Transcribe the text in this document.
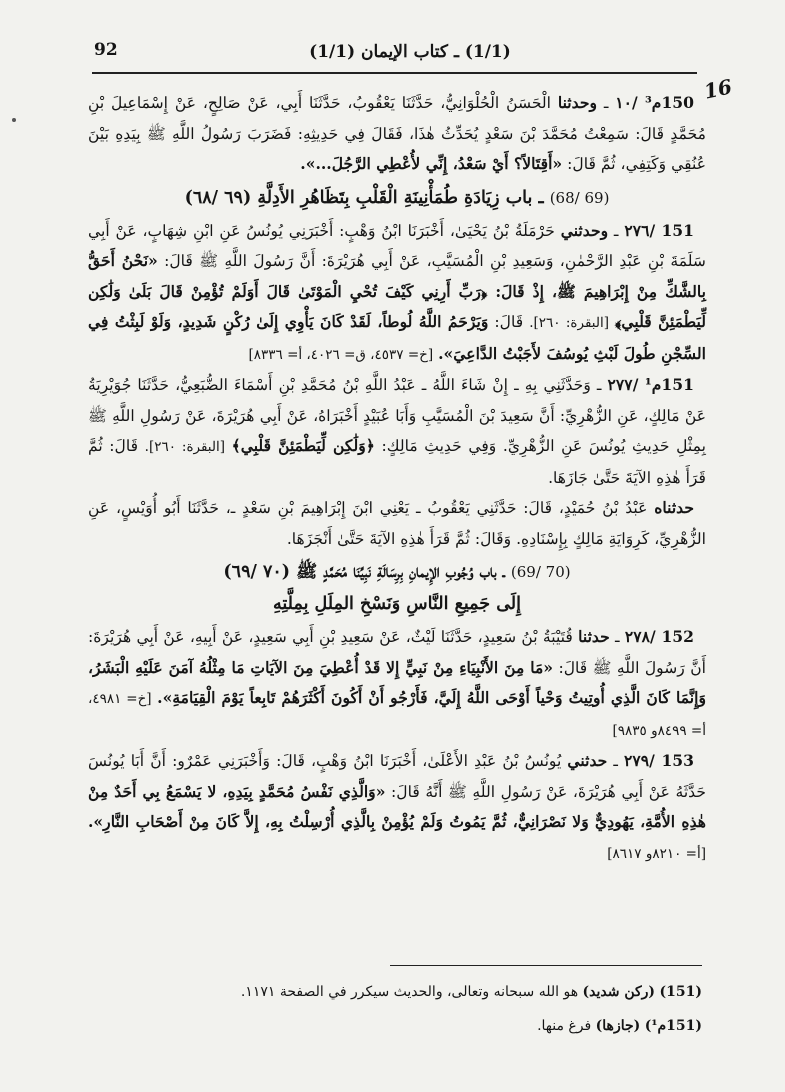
92	(1/1) ـ كتاب الإيمان (1/1)
16

150م³ /١٠ ـ وحدثنا الْحَسَنُ الْحُلْوَانِيُّ، حَدَّثَنَا يَعْقُوبُ، حَدَّثَنَا أَبِي، عَنْ صَالِحٍ، عَنْ إِسْمَاعِيلَ بْنِ مُحَمَّدٍ قَالَ: سَمِعْتُ مُحَمَّدَ بْنَ سَعْدٍ يُحَدِّثُ هٰذَا، فَقَالَ فِي حَدِيثِهِ: فَضَرَبَ رَسُولُ اللَّهِ ﷺ بِيَدِهِ بَيْنَ عُنُقِي وَكَتِفِي، ثُمَّ قَالَ: «أَقِتَالاً؟ أَيْ سَعْدُ، إِنِّي لأُعْطِي الرَّجُلَ...».

(69 /68) ـ باب زِيَادَةِ طُمَأْنِينَةِ الْقَلْبِ بِتَظَاهُرِ الأَدِلَّةِ (٦٩ /٦٨)

151 /٢٧٦ ـ وحدثني حَرْمَلَةُ بْنُ يَحْيَىٰ، أَخْبَرَنَا ابْنُ وَهْبٍ: أَخْبَرَنِي يُونُسُ عَنِ ابْنِ شِهَابٍ، عَنْ أَبِي سَلَمَةَ بْنِ عَبْدِ الرَّحْمٰنِ، وَسَعِيدِ بْنِ الْمُسَيَّبِ، عَنْ أَبِي هُرَيْرَةَ: أَنَّ رَسُولَ اللَّهِ ﷺ قَالَ: «نَحْنُ أَحَقُّ بِالشَّكِّ مِنْ إِبْرَاهِيمَ ﷺ، إِذْ قَالَ: ﴿رَبِّ أَرِنِي كَيْفَ تُحْيِ الْمَوْتَىٰ قَالَ أَوَلَمْ تُؤْمِنْ قَالَ بَلَىٰ وَلَٰكِن لِّيَطْمَئِنَّ قَلْبِي﴾ [البقرة: ٢٦٠]. قَالَ: وَيَرْحَمُ اللَّهُ لُوطاً، لَقَدْ كَانَ يَأْوِي إِلَىٰ رُكْنٍ شَدِيدٍ، وَلَوْ لَبِثْتُ فِي السِّجْنِ طُولَ لَبْثِ يُوسُفَ لأَجَبْتُ الدَّاعِيَ». [خ= ٤٥٣٧، ق= ٤٠٢٦، أ= ٨٣٣٦]

151م¹ /٢٧٧ ـ وَحَدَّثَنِي بِهِ ـ إِنْ شَاءَ اللَّهُ ـ عَبْدُ اللَّهِ بْنُ مُحَمَّدِ بْنِ أَسْمَاءَ الضُّبَعِيُّ، حَدَّثَنَا جُوَيْرِيَةُ عَنْ مَالِكٍ، عَنِ الزُّهْرِيِّ: أَنَّ سَعِيدَ بْنَ الْمُسَيَّبِ وَأَبَا عُبَيْدٍ أَخْبَرَاهُ، عَنْ أَبِي هُرَيْرَةَ، عَنْ رَسُولِ اللَّهِ ﷺ بِمِثْلِ حَدِيثِ يُونُسَ عَنِ الزُّهْرِيِّ. وَفِي حَدِيثِ مَالِكٍ: ﴿وَلَٰكِن لِّيَطْمَئِنَّ قَلْبِي﴾ [البقرة: ٢٦٠]. قَالَ: ثُمَّ قَرَأَ هٰذِهِ الآيَةَ حَتَّىٰ جَازَهَا.

حدثناه عَبْدُ بْنُ حُمَيْدٍ، قَالَ: حَدَّثَنِي يَعْقُوبُ ـ يَعْنِي ابْنَ إِبْرَاهِيمَ بْنِ سَعْدٍ ـ، حَدَّثَنَا أَبُو أُوَيْسٍ، عَنِ الزُّهْرِيِّ، كَرِوَايَةِ مَالِكٍ بِإِسْنَادِهِ. وَقَالَ: ثُمَّ قَرَأَ هٰذِهِ الآيَةَ حَتَّىٰ أَنْجَزَهَا.

(70 /69) ـ باب وُجُوبِ الإِيمانِ بِرِسَالَةِ نَبِيِّنَا مُحَمَّدٍ ﷺ (٧٠ /٦٩)
إِلَى جَمِيعِ النَّاسِ وَنَسْخِ المِلَلِ بِمِلَّتِهِ

152 /٢٧٨ ـ حدثنا قُتَيْبَةُ بْنُ سَعِيدٍ، حَدَّثَنَا لَيْثٌ، عَنْ سَعِيدِ بْنِ أَبِي سَعِيدٍ، عَنْ أَبِيهِ، عَنْ أَبِي هُرَيْرَةَ: أَنَّ رَسُولَ اللَّهِ ﷺ قَالَ: «مَا مِنَ الأَنْبِيَاءِ مِنْ نَبِيٍّ إِلا قَدْ أُعْطِيَ مِنَ الآيَاتِ مَا مِثْلُهُ آمَنَ عَلَيْهِ الْبَشَرُ، وَإِنَّمَا كَانَ الَّذِي أُوتِيتُ وَحْياً أَوْحَى اللَّهُ إِلَيَّ، فَأَرْجُو أَنْ أَكُونَ أَكْثَرَهُمْ تَابِعاً يَوْمَ الْقِيَامَةِ». [خ= ٤٩٨١، أ= ٨٤٩٩و ٩٨٣٥]

153 /٢٧٩ ـ حدثني يُونُسُ بْنُ عَبْدِ الأَعْلَىٰ، أَخْبَرَنَا ابْنُ وَهْبٍ، قَالَ: وَأَخْبَرَنِي عَمْرٌو: أَنَّ أَبَا يُونُسَ حَدَّثَهُ عَنْ أَبِي هُرَيْرَةَ، عَنْ رَسُولِ اللَّهِ ﷺ أَنَّهُ قَالَ: «وَالَّذِي نَفْسُ مُحَمَّدٍ بِيَدِهِ، لا يَسْمَعُ بِي أَحَدٌ مِنْ هٰذِهِ الأُمَّةِ، يَهُودِيٌّ وَلا نَصْرَانِيٌّ، ثُمَّ يَمُوتُ وَلَمْ يُؤْمِنْ بِالَّذِي أُرْسِلْتُ بِهِ، إِلاَّ كَانَ مِنْ أَصْحَابِ النَّارِ». [أ= ٨٢١٠و ٨٦١٧]

(151) (ركن شديد) هو الله سبحانه وتعالى، والحديث سيكرر في الصفحة ١١٧١.

(151م¹) (جازها) فرغ منها.
